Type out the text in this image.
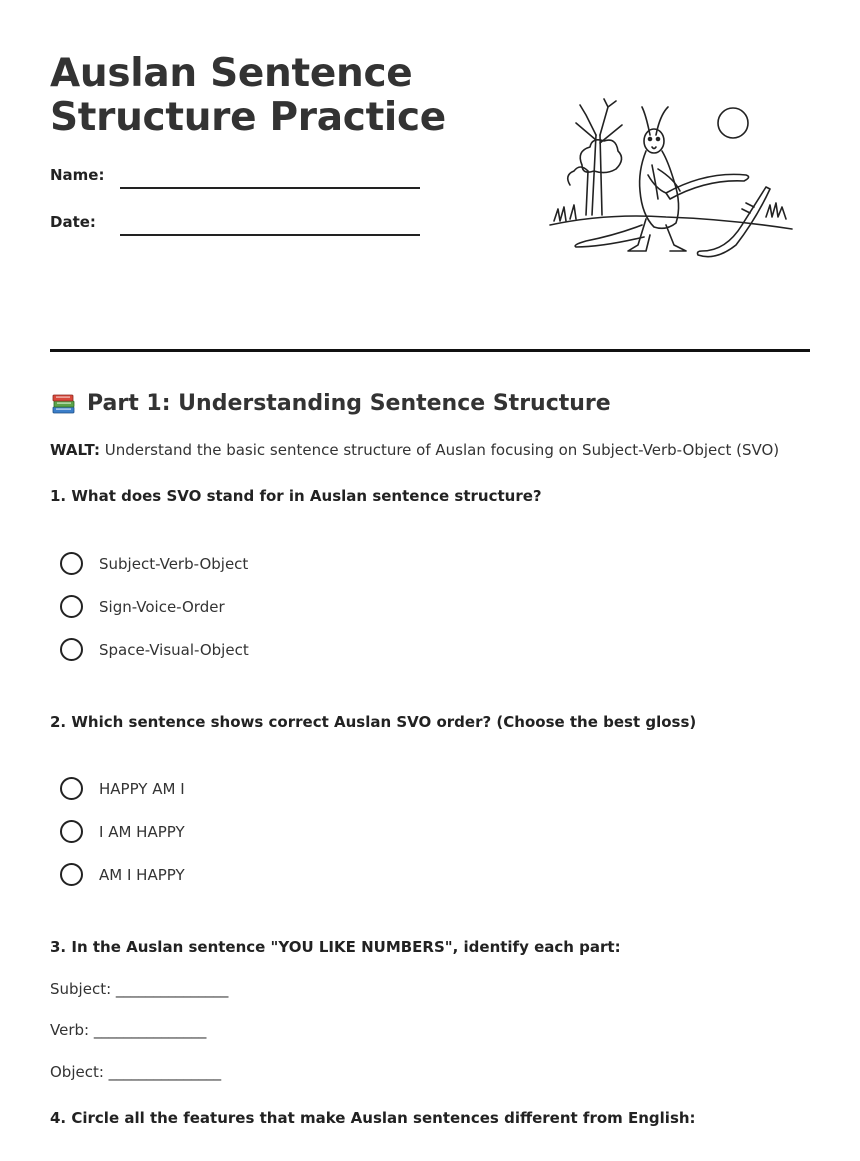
Auslan Sentence
Structure Practice
Name:
Date:
Part 1: Understanding Sentence Structure
WALT: Understand the basic sentence structure of Auslan focusing on Subject-Verb-Object (SVO)
1. What does SVO stand for in Auslan sentence structure?
Subject-Verb-Object
Sign-Voice-Order
Space-Visual-Object
2. Which sentence shows correct Auslan SVO order? (Choose the best gloss)
HAPPY AM I
I AM HAPPY
AM I HAPPY
3. In the Auslan sentence "YOU LIKE NUMBERS", identify each part:
Subject: _______________
Verb: _______________
Object: _______________
4. Circle all the features that make Auslan sentences different from English:
